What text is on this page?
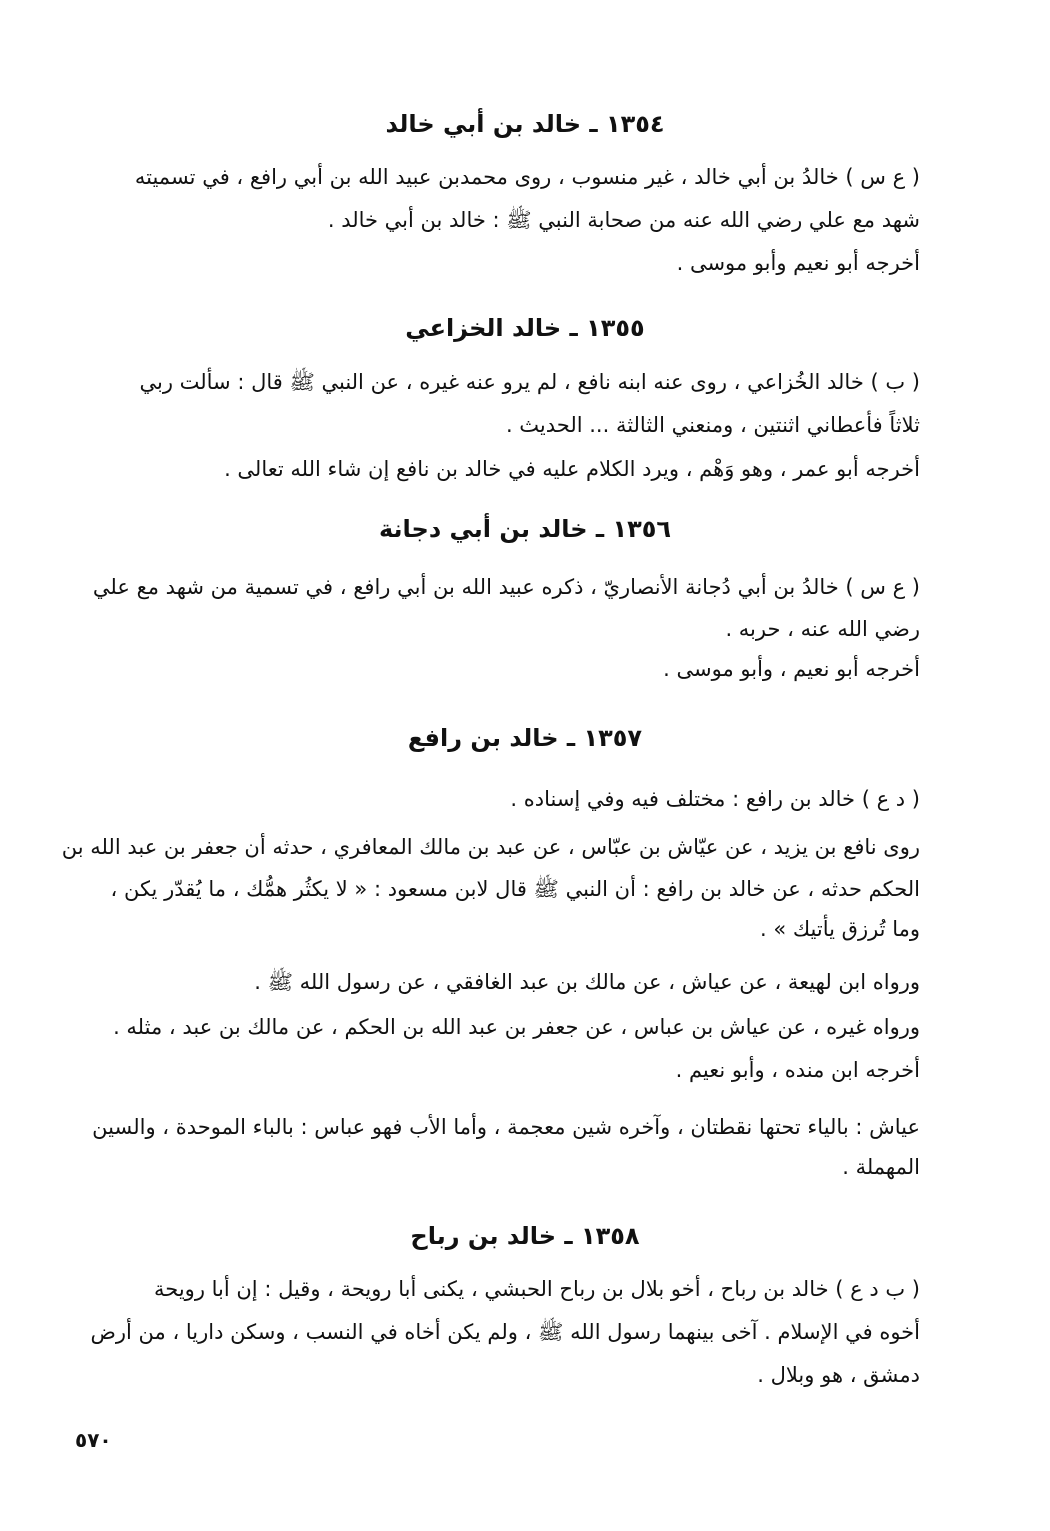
١٣٥٤ ـ خالد بن أبي خالد

( ع س ) خالدُ بن أبي خالد ، غير منسوب ، روى محمدبن عبيد الله بن أبي رافع ، في تسميته

شهد مع علي رضي الله عنه من صحابة النبي ﷺ : خالد بن أبي خالد .

أخرجه أبو نعيم وأبو موسى .

١٣٥٥ ـ خالد الخزاعي

( ب ) خالد الخُزاعي ، روى عنه ابنه نافع ، لم يرو عنه غيره ، عن النبي ﷺ قال : سألت ربي

ثلاثاً فأعطاني اثنتين ، ومنعني الثالثة ... الحديث .

أخرجه أبو عمر ، وهو وَهْم ، ويرد الكلام عليه في خالد بن نافع إن شاء الله تعالى .

١٣٥٦ ـ خالد بن أبي دجانة

( ع س ) خالدُ بن أبي دُجانة الأنصاريّ ، ذكره عبيد الله بن أبي رافع ، في تسمية من شهد مع علي

رضي الله عنه ، حربه .

أخرجه أبو نعيم ، وأبو موسى .

١٣٥٧ ـ خالد بن رافع

( د ع ) خالد بن رافع : مختلف فيه وفي إسناده .

روى نافع بن يزيد ، عن عيّاش بن عبّاس ، عن عبد بن مالك المعافري ، حدثه أن جعفر بن عبد الله بن

الحكم حدثه ، عن خالد بن رافع : أن النبي ﷺ قال لابن مسعود : « لا يكثُر همُّك ، ما يُقدّر يكن ،

وما تُرزق يأتيك » .

ورواه ابن لهيعة ، عن عياش ، عن مالك بن عبد الغافقي ، عن رسول الله ﷺ .

ورواه غيره ، عن عياش بن عباس ، عن جعفر بن عبد الله بن الحكم ، عن مالك بن عبد ، مثله .

أخرجه ابن منده ، وأبو نعيم .

عياش : بالياء تحتها نقطتان ، وآخره شين معجمة ، وأما الأب فهو عباس : بالباء الموحدة ، والسين

المهملة .

١٣٥٨ ـ خالد بن رباح

( ب د ع ) خالد بن رباح ، أخو بلال بن رباح الحبشي ، يكنى أبا رويحة ، وقيل : إن أبا رويحة

أخوه في الإسلام . آخى بينهما رسول الله ﷺ ، ولم يكن أخاه في النسب ، وسكن داريا ، من أرض

دمشق ، هو وبلال .

٥٧٠
